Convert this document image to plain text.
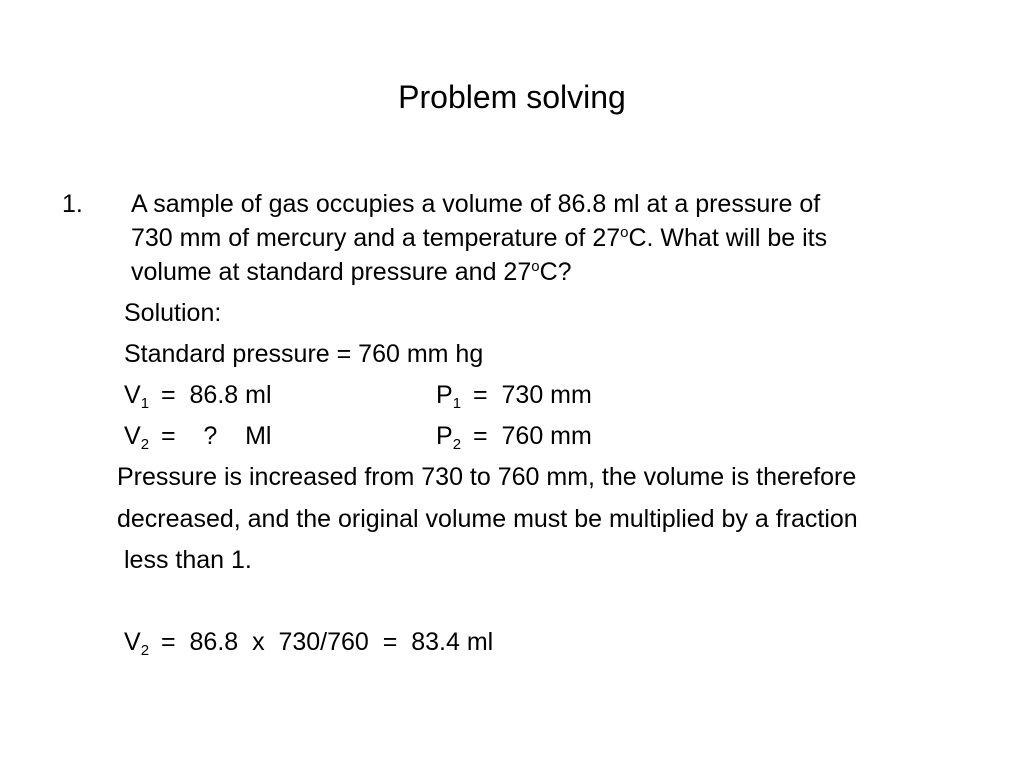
Problem solving
1. A sample of gas occupies a volume of 86.8 ml at a pressure of
730 mm of mercury and a temperature of 27$^o$C. What will be its
volume at standard pressure and 27$^o$C?
Solution:
Standard pressure = 760 mm hg
$V_1 = 86.8$ ml	$P_1 = 730$ mm
$V_2$ =    ?    Ml	$P_2 = 760$ mm
Pressure is increased from 730 to 760 mm, the volume is therefore
decreased, and the original volume must be multiplied by a fraction
less than 1.
$V_2 = 86.8$  x  730/760  =  83.4 ml
